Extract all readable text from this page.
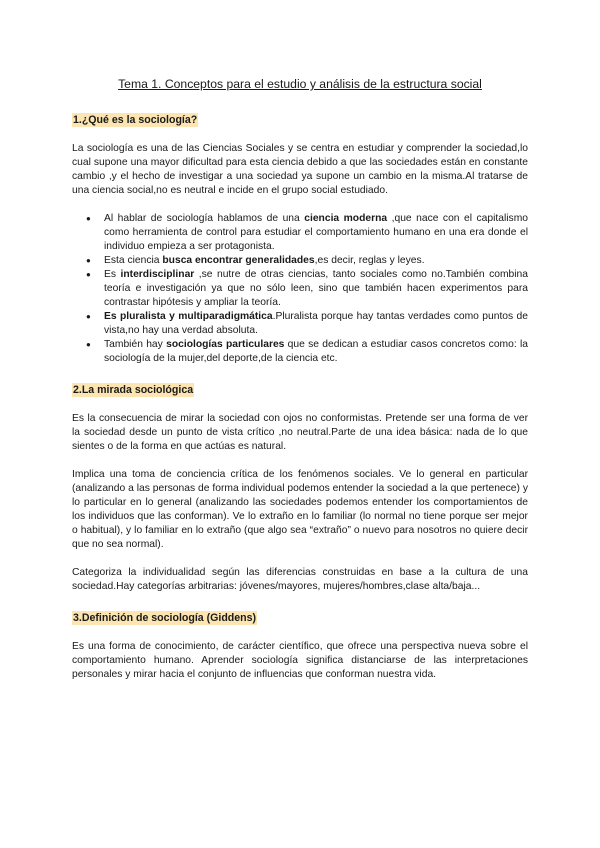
Tema 1. Conceptos para el estudio y análisis de la estructura social
1.¿Qué es la sociología?

La sociología es una de las Ciencias Sociales y se centra en estudiar y comprender la sociedad,lo cual supone una mayor dificultad para esta ciencia debido a que las sociedades están en constante cambio ,y el hecho de investigar a una sociedad ya supone un cambio en la misma.Al tratarse de una ciencia social,no es neutral e incide en el grupo social estudiado.

● Al hablar de sociología hablamos de una ciencia moderna ,que nace con el capitalismo como herramienta de control para estudiar el comportamiento humano en una era donde el individuo empieza a ser protagonista.
● Esta ciencia busca encontrar generalidades,es decir, reglas y leyes.
● Es interdisciplinar ,se nutre de otras ciencias, tanto sociales como no.También combina teoría e investigación ya que no sólo leen, sino que también hacen experimentos para contrastar hipótesis y ampliar la teoría.
● Es pluralista y multiparadigmática.Pluralista porque hay tantas verdades como puntos de vista,no hay una verdad absoluta.
● También hay sociologías particulares que se dedican a estudiar casos concretos como: la sociología de la mujer,del deporte,de la ciencia etc.
2.La mirada sociológica

Es la consecuencia de mirar la sociedad con ojos no conformistas. Pretende ser una forma de ver la sociedad desde un punto de vista crítico ,no neutral.Parte de una idea básica: nada de lo que sientes o de la forma en que actúas es natural.

Implica una toma de conciencia crítica de los fenómenos sociales. Ve lo general en particular (analizando a las personas de forma individual podemos entender la sociedad a la que pertenece) y lo particular en lo general (analizando las sociedades podemos entender los comportamientos de los individuos que las conforman). Ve lo extraño en lo familiar (lo normal no tiene porque ser mejor o habitual), y lo familiar en lo extraño (que algo sea “extraño” o nuevo para nosotros no quiere decir que no sea normal).

Categoriza la individualidad según las diferencias construidas en base a la cultura de una sociedad.Hay categorías arbitrarias: jóvenes/mayores, mujeres/hombres,clase alta/baja...

3.Definición de sociología (Giddens)

Es una forma de conocimiento, de carácter científico, que ofrece una perspectiva nueva sobre el comportamiento humano. Aprender sociología significa distanciarse de las interpretaciones personales y mirar hacia el conjunto de influencias que conforman nuestra vida.
